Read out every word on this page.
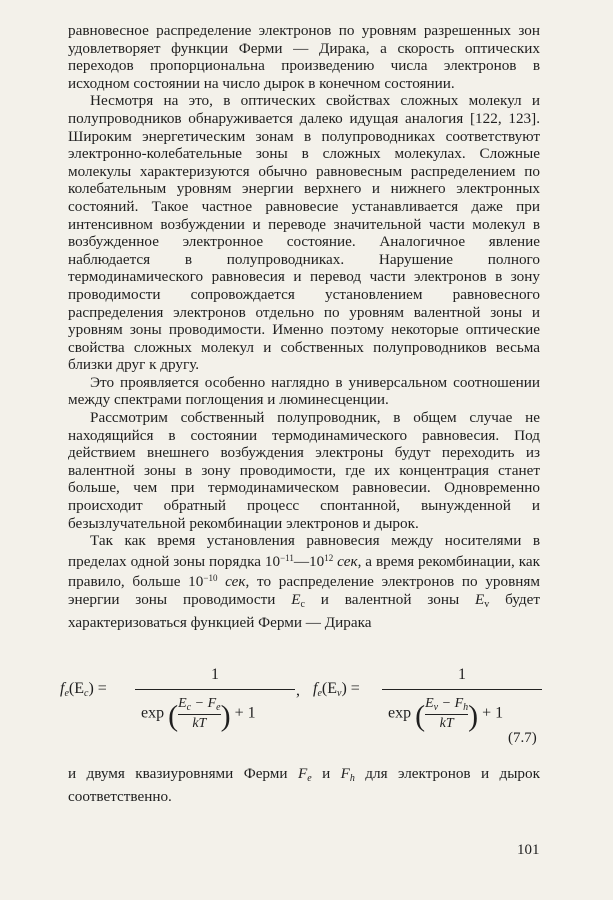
равновесное распределение электронов по уровням разрешенных зон удовлетворяет функции Ферми — Дирака, а скорость оптических переходов пропорциональна произведению числа электронов в исходном состоянии на число дырок в конечном состоянии.

Несмотря на это, в оптических свойствах сложных молекул и полупроводников обнаруживается далеко идущая аналогия [122, 123]. Широким энергетическим зонам в полупроводниках соответствуют электронно-колебательные зоны в сложных молекулах. Сложные молекулы характеризуются обычно равновесным распределением по колебательным уровням энергии верхнего и нижнего электронных состояний. Такое частное равновесие устанавливается даже при интенсивном возбуждении и переводе значительной части молекул в возбужденное электронное состояние. Аналогичное явление наблюдается в полупроводниках. Нарушение полного термодинамического равновесия и перевод части электронов в зону проводимости сопровождается установлением равновесного распределения электронов отдельно по уровням валентной зоны и уровням зоны проводимости. Именно поэтому некоторые оптические свойства сложных молекул и собственных полупроводников весьма близки друг к другу.

Это проявляется особенно наглядно в универсальном соотношении между спектрами поглощения и люминесценции.

Рассмотрим собственный полупроводник, в общем случае не находящийся в состоянии термодинамического равновесия. Под действием внешнего возбуждения электроны будут переходить из валентной зоны в зону проводимости, где их концентрация станет больше, чем при термодинамическом равновесии. Одновременно происходит обратный процесс спонтанной, вынужденной и безызлучательной рекомбинации электронов и дырок.

Так как время установления равновесия между носителями в пределах одной зоны порядка $10^{-11}—10^{12}$ сек, а время рекомбинации, как правило, больше $10^{-10}$ сек, то распределение электронов по уровням энергии зоны проводимости $E_c$ и валентной зоны $E_v$ будет характеризоваться функцией Ферми — Дирака

$f_e(E_c)$ =
1
exp ( $\frac{E_c - F_e}{kT}$ ) + 1
, $f_e(E_v)$ =
1
exp ( $\frac{E_v - F_h}{kT}$ ) + 1
(7.7)
и двумя квазиуровнями Ферми $F_e$ и $F_h$ для электронов и дырок соответственно.
101
